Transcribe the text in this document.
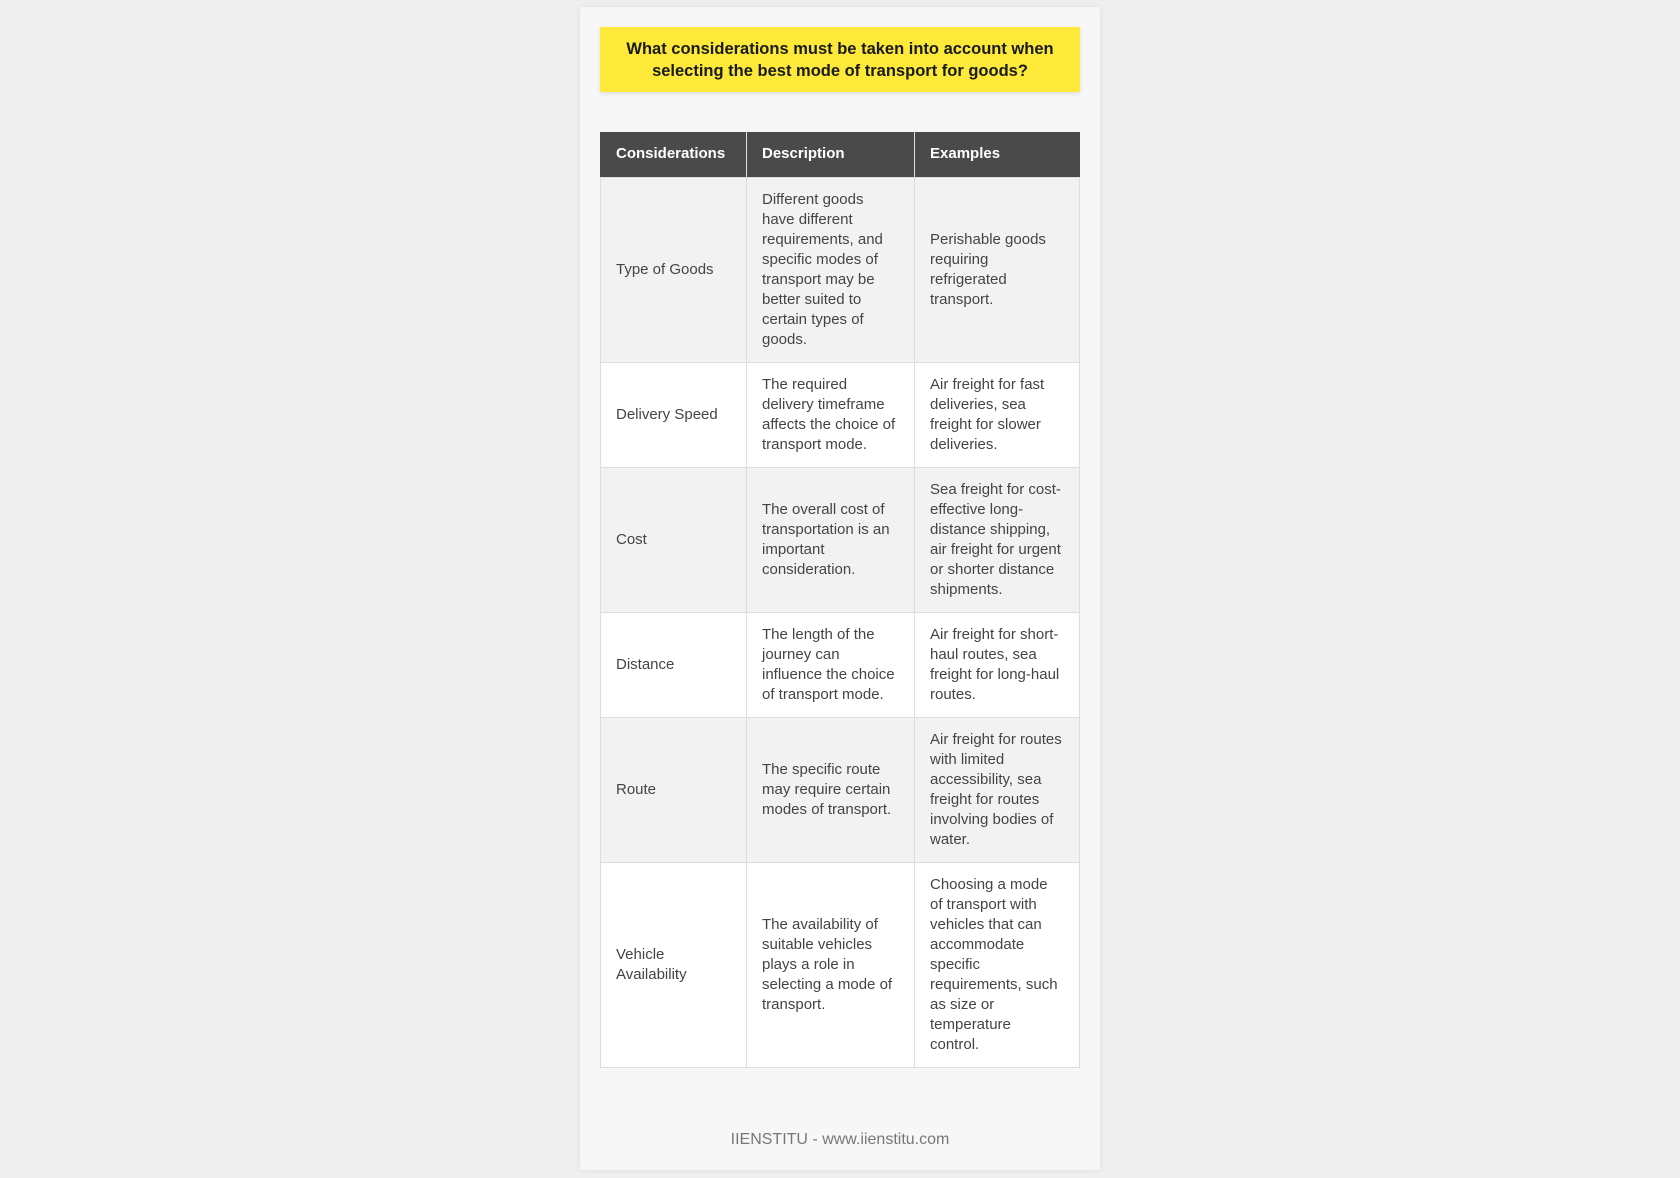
What considerations must be taken into account when selecting the best mode of transport for goods?
Considerations	Description	Examples
Type of Goods	Different goods have different requirements, and specific modes of transport may be better suited to certain types of goods.	Perishable goods requiring refrigerated transport.
Delivery Speed	The required delivery timeframe affects the choice of transport mode.	Air freight for fast deliveries, sea freight for slower deliveries.
Cost	The overall cost of transportation is an important consideration.	Sea freight for cost-effective long-distance shipping, air freight for urgent or shorter distance shipments.
Distance	The length of the journey can influence the choice of transport mode.	Air freight for short-haul routes, sea freight for long-haul routes.
Route	The specific route may require certain modes of transport.	Air freight for routes with limited accessibility, sea freight for routes involving bodies of water.
Vehicle Availability	The availability of suitable vehicles plays a role in selecting a mode of transport.	Choosing a mode of transport with vehicles that can accommodate specific requirements, such as size or temperature control.
IIENSTITU - www.iienstitu.com
